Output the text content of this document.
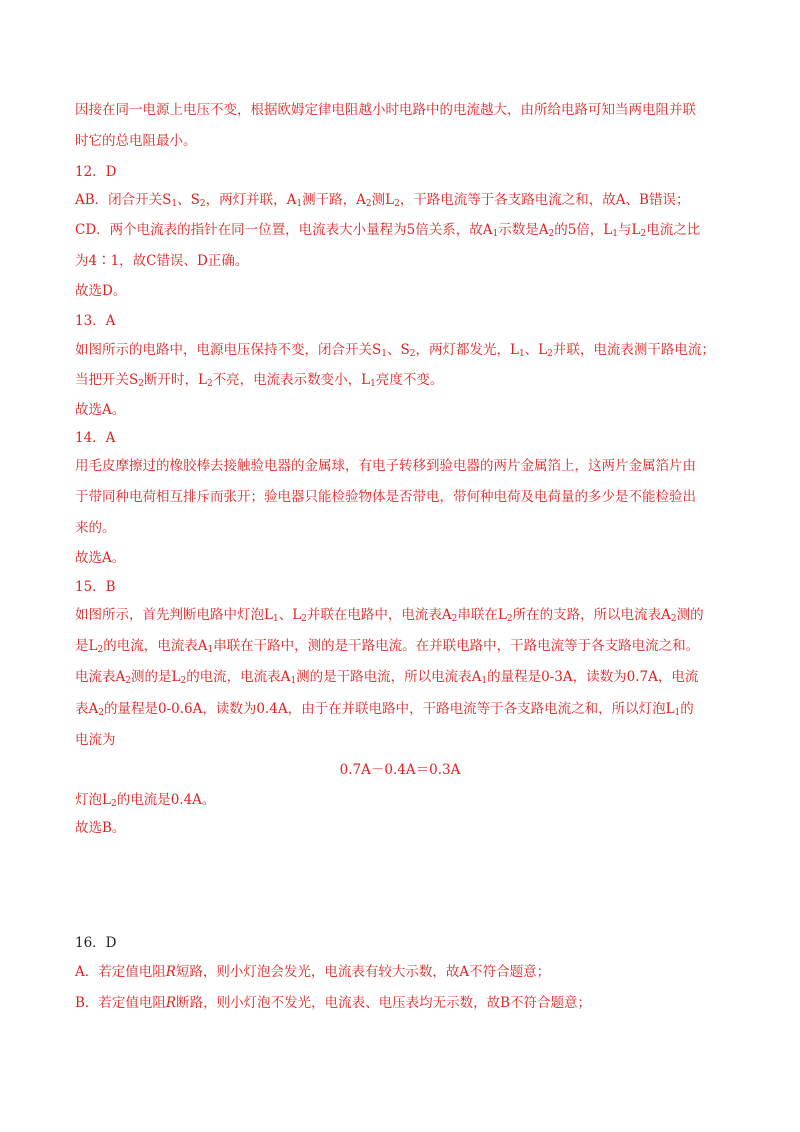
因接在同一电源上电压不变，根据欧姆定律电阻越小时电路中的电流越大，由所给电路可知当两电阻并联
时它的总电阻最小。
12．D
AB．闭合开关$S_1$、$S_2$，两灯并联，$A_1$测干路，$A_2$测$L_2$，干路电流等于各支路电流之和，故A、B错误；
CD．两个电流表的指针在同一位置，电流表大小量程为5倍关系，故$A_1$示数是$A_2$的5倍，$L_1$与$L_2$电流之比
为4∶1，故C错误、D正确。
故选D。
13．A
如图所示的电路中，电源电压保持不变，闭合开关$S_1$、$S_2$，两灯都发光，$L_1$、$L_2$并联，电流表测干路电流；
当把开关$S_2$断开时，$L_2$不亮，电流表示数变小，$L_1$亮度不变。
故选A。
14．A
用毛皮摩擦过的橡胶棒去接触验电器的金属球，有电子转移到验电器的两片金属箔上，这两片金属箔片由
于带同种电荷相互排斥而张开；验电器只能检验物体是否带电，带何种电荷及电荷量的多少是不能检验出
来的。
故选A。
15．B
如图所示，首先判断电路中灯泡$L_1$、$L_2$并联在电路中，电流表$A_2$串联在$L_2$所在的支路，所以电流表$A_2$测的
是$L_2$的电流，电流表$A_1$串联在干路中，测的是干路电流。在并联电路中，干路电流等于各支路电流之和。
电流表$A_2$测的是$L_2$的电流，电流表$A_1$测的是干路电流，所以电流表$A_1$的量程是0-3A，读数为0.7A，电流
表$A_2$的量程是0-0.6A，读数为0.4A，由于在并联电路中，干路电流等于各支路电流之和，所以灯泡$L_1$的
电流为
0.7A－0.4A＝0.3A
灯泡$L_2$的电流是0.4A。
故选B。
16．D
A．若定值电阻R短路，则小灯泡会发光，电流表有较大示数，故A不符合题意；
B．若定值电阻R断路，则小灯泡不发光，电流表、电压表均无示数，故B不符合题意；
